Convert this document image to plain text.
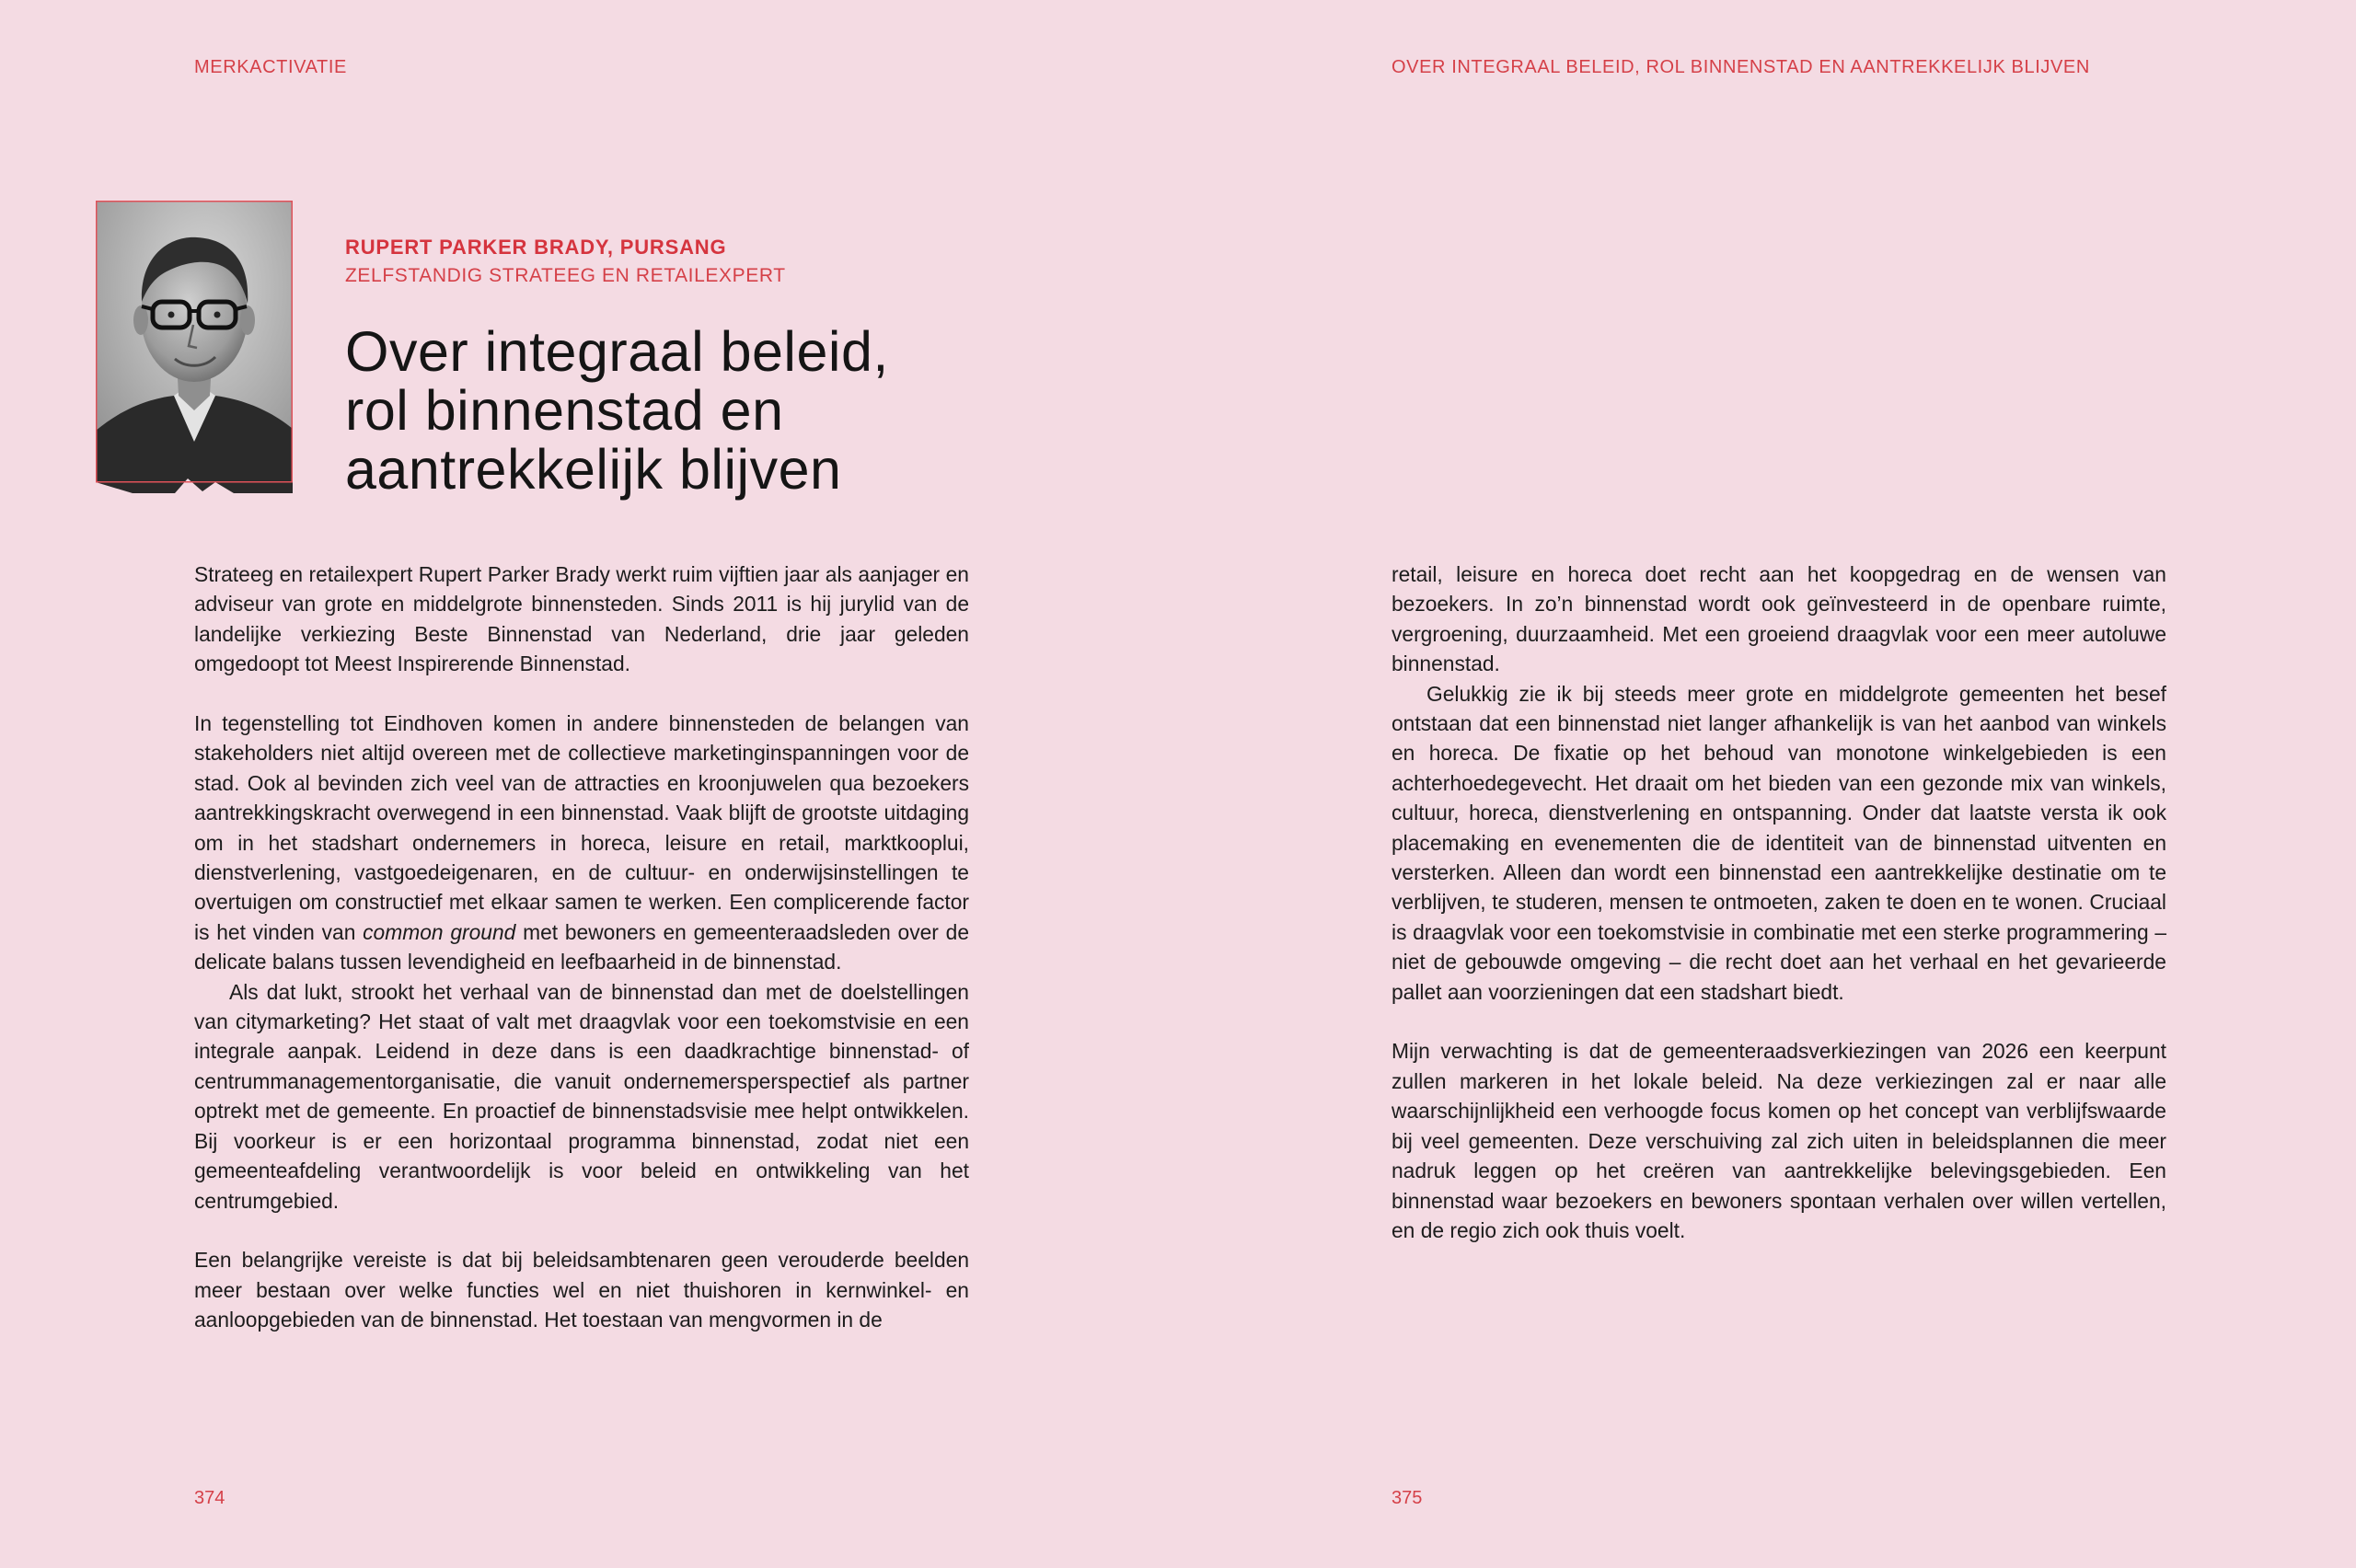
MERKACTIVATIE
RUPERT PARKER BRADY, PURSANG
ZELFSTANDIG STRATEEG EN RETAILEXPERT
Over integraal beleid,
rol binnenstad en
aantrekkelijk blijven

Strateeg en retailexpert Rupert Parker Brady werkt ruim vijftien jaar als aanjager en adviseur van grote en middelgrote binnensteden. Sinds 2011 is hij jurylid van de landelijke verkiezing Beste Binnenstad van Nederland, drie jaar geleden omgedoopt tot Meest Inspirerende Binnenstad.

In tegenstelling tot Eindhoven komen in andere binnensteden de belangen van stakeholders niet altijd overeen met de collectieve marketinginspanningen voor de stad. Ook al bevinden zich veel van de attracties en kroonjuwelen qua bezoekers aantrekkingskracht overwegend in een binnenstad. Vaak blijft de grootste uitdaging om in het stadshart ondernemers in horeca, leisure en retail, marktkooplui, dienstverlening, vastgoedeigenaren, en de cultuur- en onderwijsinstellingen te overtuigen om constructief met elkaar samen te werken. Een complicerende factor is het vinden van common ground met bewoners en gemeenteraadsleden over de delicate balans tussen levendigheid en leefbaarheid in de binnenstad.

Als dat lukt, strookt het verhaal van de binnenstad dan met de doelstellingen van citymarketing? Het staat of valt met draagvlak voor een toekomstvisie en een integrale aanpak. Leidend in deze dans is een daadkrachtige binnenstad- of centrummanagementorganisatie, die vanuit ondernemersperspectief als partner optrekt met de gemeente. En proactief de binnenstadsvisie mee helpt ontwikkelen. Bij voorkeur is er een horizontaal programma binnenstad, zodat niet een gemeenteafdeling verantwoordelijk is voor beleid en ontwikkeling van het centrumgebied.

Een belangrijke vereiste is dat bij beleidsambtenaren geen verouderde beelden meer bestaan over welke functies wel en niet thuishoren in kernwinkel- en aanloopgebieden van de binnenstad. Het toestaan van mengvormen in de

374
OVER INTEGRAAL BELEID, ROL BINNENSTAD EN AANTREKKELIJK BLIJVEN

retail, leisure en horeca doet recht aan het koopgedrag en de wensen van bezoekers. In zo’n binnenstad wordt ook geïnvesteerd in de openbare ruimte, vergroening, duurzaamheid. Met een groeiend draagvlak voor een meer autoluwe binnenstad.

Gelukkig zie ik bij steeds meer grote en middelgrote gemeenten het besef ontstaan dat een binnenstad niet langer afhankelijk is van het aanbod van winkels en horeca. De fixatie op het behoud van monotone winkelgebieden is een achterhoedegevecht. Het draait om het bieden van een gezonde mix van winkels, cultuur, horeca, dienstverlening en ontspanning. Onder dat laatste versta ik ook placemaking en evenementen die de identiteit van de binnenstad uitventen en versterken. Alleen dan wordt een binnenstad een aantrekkelijke destinatie om te verblijven, te studeren, mensen te ontmoeten, zaken te doen en te wonen. Cruciaal is draagvlak voor een toekomstvisie in combinatie met een sterke programmering – niet de gebouwde omgeving – die recht doet aan het verhaal en het gevarieerde pallet aan voorzieningen dat een stadshart biedt.

Mijn verwachting is dat de gemeenteraadsverkiezingen van 2026 een keerpunt zullen markeren in het lokale beleid. Na deze verkiezingen zal er naar alle waarschijnlijkheid een verhoogde focus komen op het concept van verblijfswaarde bij veel gemeenten. Deze verschuiving zal zich uiten in beleidsplannen die meer nadruk leggen op het creëren van aantrekkelijke belevingsgebieden. Een binnenstad waar bezoekers en bewoners spontaan verhalen over willen vertellen, en de regio zich ook thuis voelt.

375
